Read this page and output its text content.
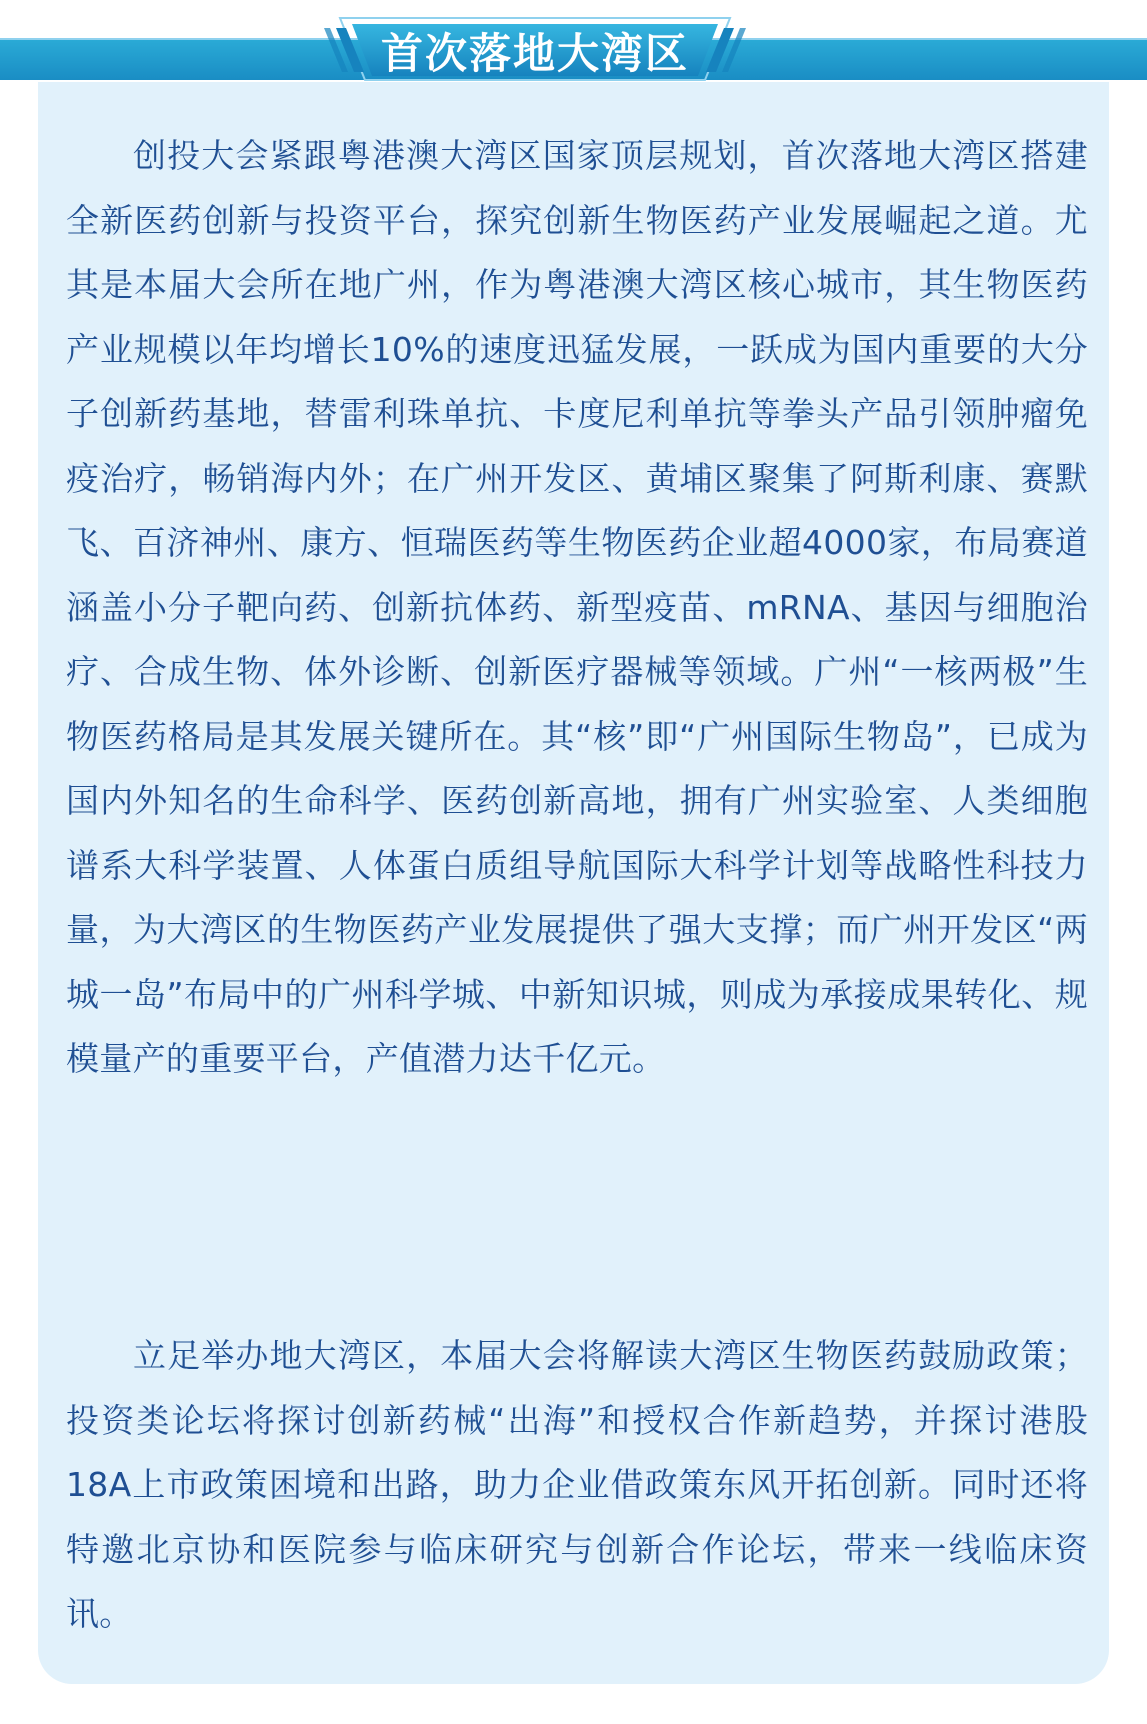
首次落地大湾区

创投大会紧跟粤港澳大湾区国家顶层规划，首次落地大湾区搭建全新医药创新与投资平台，探究创新生物医药产业发展崛起之道。尤其是本届大会所在地广州，作为粤港澳大湾区核心城市，其生物医药产业规模以年均增长10%的速度迅猛发展，一跃成为国内重要的大分子创新药基地，替雷利珠单抗、卡度尼利单抗等拳头产品引领肿瘤免疫治疗，畅销海内外；在广州开发区、黄埔区聚集了阿斯利康、赛默飞、百济神州、康方、恒瑞医药等生物医药企业超4000家，布局赛道涵盖小分子靶向药、创新抗体药、新型疫苗、mRNA、基因与细胞治疗、合成生物、体外诊断、创新医疗器械等领域。广州“一核两极”生物医药格局是其发展关键所在。其“核”即“广州国际生物岛”，已成为国内外知名的生命科学、医药创新高地，拥有广州实验室、人类细胞谱系大科学装置、人体蛋白质组导航国际大科学计划等战略性科技力量，为大湾区的生物医药产业发展提供了强大支撑；而广州开发区“两城一岛”布局中的广州科学城、中新知识城，则成为承接成果转化、规模量产的重要平台，产值潜力达千亿元。

立足举办地大湾区，本届大会将解读大湾区生物医药鼓励政策；投资类论坛将探讨创新药械“出海”和授权合作新趋势，并探讨港股18A上市政策困境和出路，助力企业借政策东风开拓创新。同时还将特邀北京协和医院参与临床研究与创新合作论坛，带来一线临床资讯。
